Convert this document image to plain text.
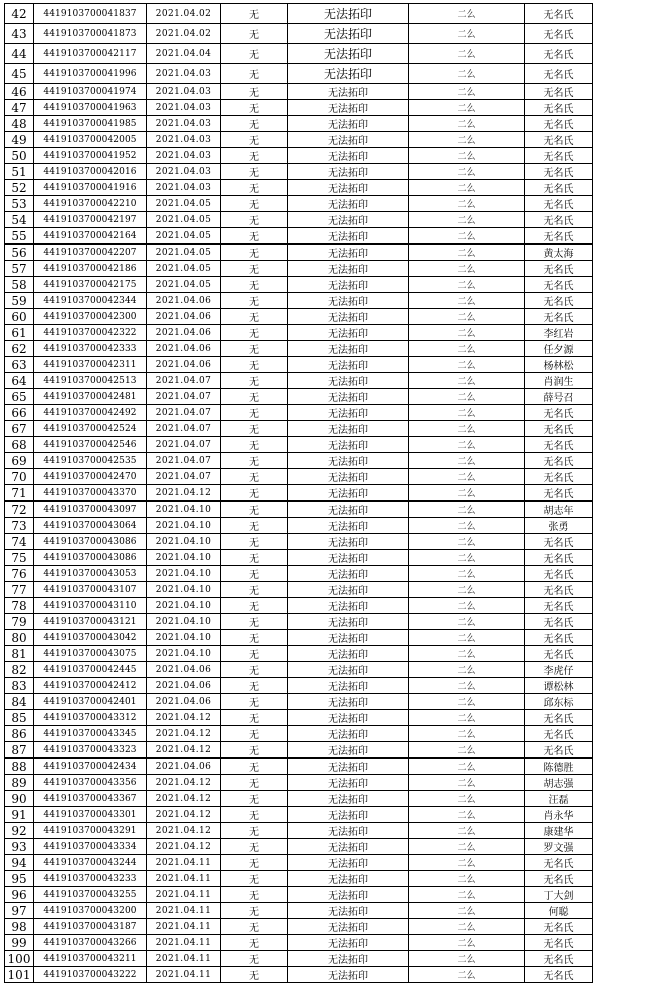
42	4419103700041837	2021.04.02	无	无法拓印	二么	无名氏
43	4419103700041873	2021.04.02	无	无法拓印	二么	无名氏
44	4419103700042117	2021.04.04	无	无法拓印	二么	无名氏
45	4419103700041996	2021.04.03	无	无法拓印	二么	无名氏
46	4419103700041974	2021.04.03	无	无法拓印	二么	无名氏
47	4419103700041963	2021.04.03	无	无法拓印	二么	无名氏
48	4419103700041985	2021.04.03	无	无法拓印	二么	无名氏
49	4419103700042005	2021.04.03	无	无法拓印	二么	无名氏
50	4419103700041952	2021.04.03	无	无法拓印	二么	无名氏
51	4419103700042016	2021.04.03	无	无法拓印	二么	无名氏
52	4419103700041916	2021.04.03	无	无法拓印	二么	无名氏
53	4419103700042210	2021.04.05	无	无法拓印	二么	无名氏
54	4419103700042197	2021.04.05	无	无法拓印	二么	无名氏
55	4419103700042164	2021.04.05	无	无法拓印	二么	无名氏
56	4419103700042207	2021.04.05	无	无法拓印	二么	黄太海
57	4419103700042186	2021.04.05	无	无法拓印	二么	无名氏
58	4419103700042175	2021.04.05	无	无法拓印	二么	无名氏
59	4419103700042344	2021.04.06	无	无法拓印	二么	无名氏
60	4419103700042300	2021.04.06	无	无法拓印	二么	无名氏
61	4419103700042322	2021.04.06	无	无法拓印	二么	李红岩
62	4419103700042333	2021.04.06	无	无法拓印	二么	任夕源
63	4419103700042311	2021.04.06	无	无法拓印	二么	杨林松
64	4419103700042513	2021.04.07	无	无法拓印	二么	肖润生
65	4419103700042481	2021.04.07	无	无法拓印	二么	薛号召
66	4419103700042492	2021.04.07	无	无法拓印	二么	无名氏
67	4419103700042524	2021.04.07	无	无法拓印	二么	无名氏
68	4419103700042546	2021.04.07	无	无法拓印	二么	无名氏
69	4419103700042535	2021.04.07	无	无法拓印	二么	无名氏
70	4419103700042470	2021.04.07	无	无法拓印	二么	无名氏
71	4419103700043370	2021.04.12	无	无法拓印	二么	无名氏
72	4419103700043097	2021.04.10	无	无法拓印	二么	胡志年
73	4419103700043064	2021.04.10	无	无法拓印	二么	张勇
74	4419103700043086	2021.04.10	无	无法拓印	二么	无名氏
75	4419103700043086	2021.04.10	无	无法拓印	二么	无名氏
76	4419103700043053	2021.04.10	无	无法拓印	二么	无名氏
77	4419103700043107	2021.04.10	无	无法拓印	二么	无名氏
78	4419103700043110	2021.04.10	无	无法拓印	二么	无名氏
79	4419103700043121	2021.04.10	无	无法拓印	二么	无名氏
80	4419103700043042	2021.04.10	无	无法拓印	二么	无名氏
81	4419103700043075	2021.04.10	无	无法拓印	二么	无名氏
82	4419103700042445	2021.04.06	无	无法拓印	二么	李虎仔
83	4419103700042412	2021.04.06	无	无法拓印	二么	谭松林
84	4419103700042401	2021.04.06	无	无法拓印	二么	邱东标
85	4419103700043312	2021.04.12	无	无法拓印	二么	无名氏
86	4419103700043345	2021.04.12	无	无法拓印	二么	无名氏
87	4419103700043323	2021.04.12	无	无法拓印	二么	无名氏
88	4419103700042434	2021.04.06	无	无法拓印	二么	陈德胜
89	4419103700043356	2021.04.12	无	无法拓印	二么	胡志强
90	4419103700043367	2021.04.12	无	无法拓印	二么	汪磊
91	4419103700043301	2021.04.12	无	无法拓印	二么	肖永华
92	4419103700043291	2021.04.12	无	无法拓印	二么	康建华
93	4419103700043334	2021.04.12	无	无法拓印	二么	罗文强
94	4419103700043244	2021.04.11	无	无法拓印	二么	无名氏
95	4419103700043233	2021.04.11	无	无法拓印	二么	无名氏
96	4419103700043255	2021.04.11	无	无法拓印	二么	丁大剑
97	4419103700043200	2021.04.11	无	无法拓印	二么	何聪
98	4419103700043187	2021.04.11	无	无法拓印	二么	无名氏
99	4419103700043266	2021.04.11	无	无法拓印	二么	无名氏
100	4419103700043211	2021.04.11	无	无法拓印	二么	无名氏
101	4419103700043222	2021.04.11	无	无法拓印	二么	无名氏
